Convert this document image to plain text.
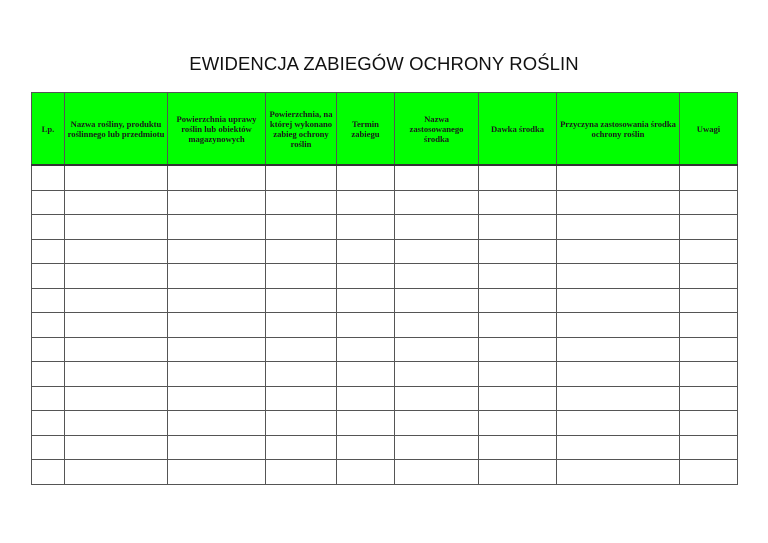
EWIDENCJA ZABIEGÓW OCHRONY ROŚLIN
Lp.	Nazwa rośliny, produktu roślinnego lub przedmiotu	Powierzchnia uprawy roślin lub obiektów magazynowych	Powierzchnia, na której wykonano zabieg ochrony roślin	Termin zabiegu	Nazwa zastosowanego środka	Dawka środka	Przyczyna zastosowania środka ochrony roślin	Uwagi
